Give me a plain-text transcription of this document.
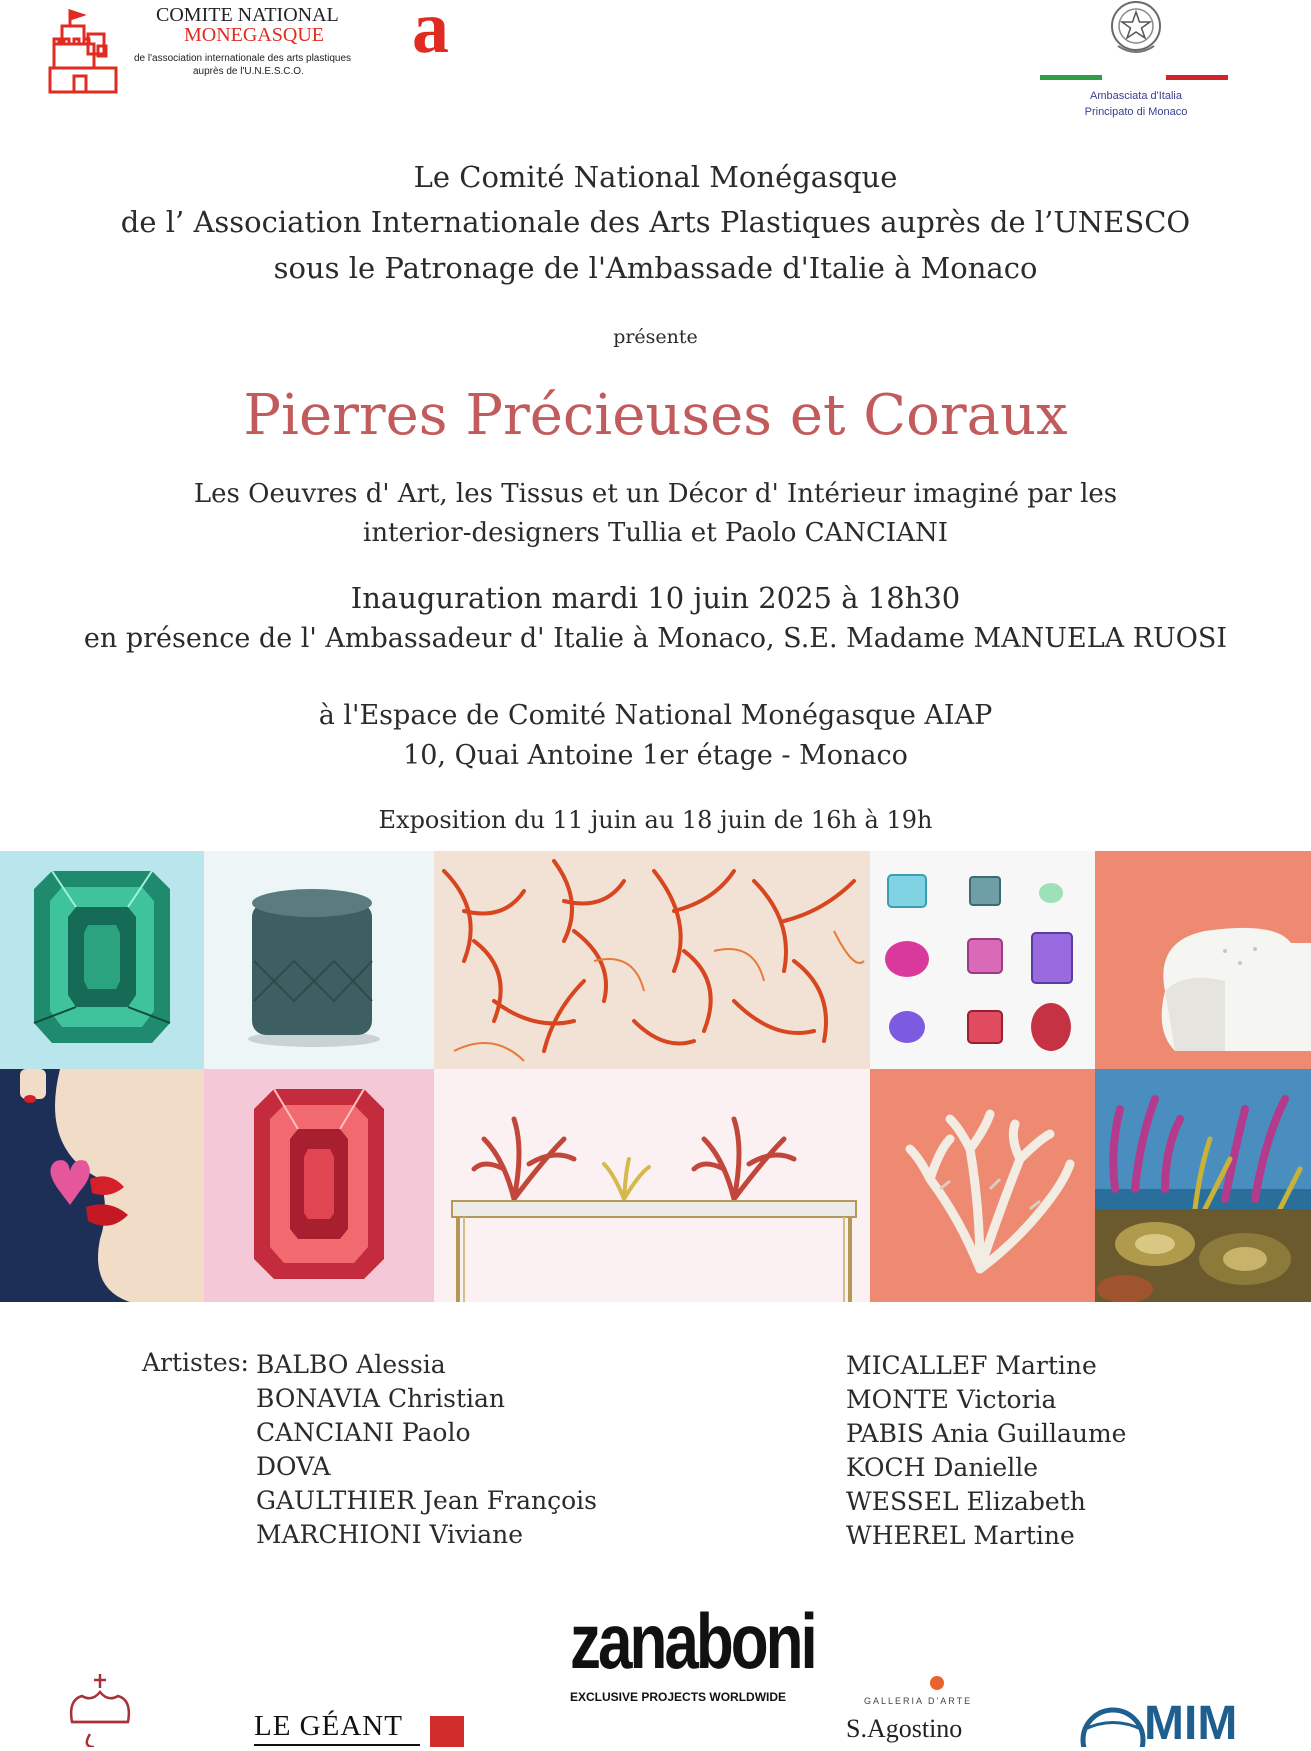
COMITE NATIONAL
MONEGASQUE
de l'association internationale des arts plastiques
auprès de l'U.N.E.S.C.O.
a
Ambasciata d'Italia
Principato di Monaco
Le Comité National Monégasque
de l’ Association Internationale des Arts Plastiques auprès de l’UNESCO
sous le Patronage de l'Ambassade d'Italie à Monaco
présente
Pierres Précieuses et Coraux
Les Oeuvres d' Art, les Tissus et un Décor d' Intérieur imaginé par les
interior-designers Tullia et Paolo CANCIANI
Inauguration mardi 10 juin 2025 à 18h30
en présence de l' Ambassadeur d' Italie à Monaco, S.E. Madame MANUELA RUOSI
à l'Espace de Comité National Monégasque AIAP
10, Quai Antoine 1er étage - Monaco
Exposition du 11 juin au 18 juin de 16h à 19h
Artistes: BALBO Alessia
BONAVIA Christian
CANCIANI Paolo
DOVA
GAULTHIER Jean François
MARCHIONI Viviane
MICALLEF Martine
MONTE Victoria
PABIS Ania Guillaume
KOCH Danielle
WESSEL Elizabeth
WHEREL Martine
zanaboni
EXCLUSIVE PROJECTS WORLDWIDE
LE GÉANT
GALLERIA D'ARTE
S.Agostino	MIM
